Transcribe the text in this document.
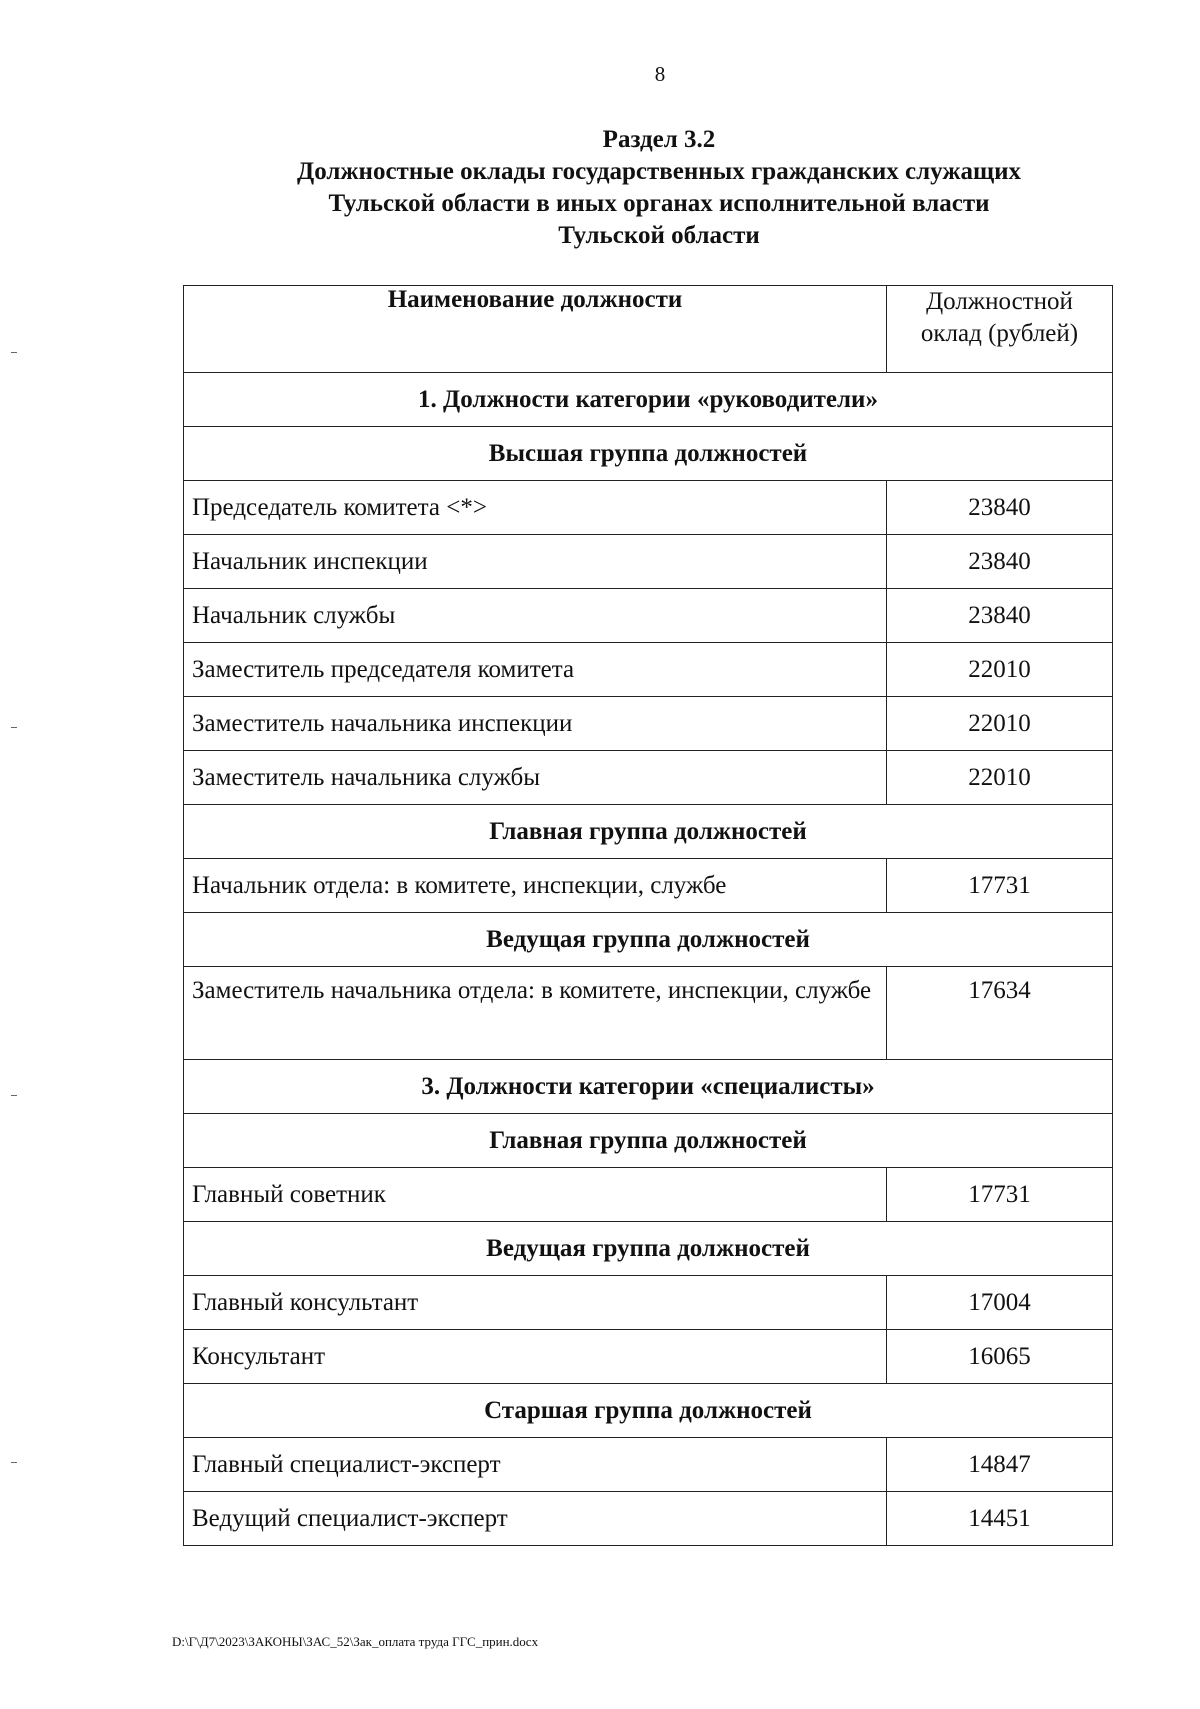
8
Раздел 3.2
Должностные оклады государственных гражданских служащих
Тульской области в иных органах исполнительной власти
Тульской области
Наименование должности	Должностной
оклад (рублей)
1. Должности категории «руководители»	
Высшая группа должностей	
Председатель комитета <*>	23840
Начальник инспекции	23840
Начальник службы	23840
Заместитель председателя комитета	22010
Заместитель начальника инспекции	22010
Заместитель начальника службы	22010
Главная группа должностей	
Начальник отдела: в комитете, инспекции, службе	17731
Ведущая группа должностей	
Заместитель начальника отдела: в комитете, инспекции, службе	17634
3. Должности категории «специалисты»	
Главная группа должностей	
Главный советник	17731
Ведущая группа должностей	
Главный консультант	17004
Консультант	16065
Старшая группа должностей	
Главный специалист-эксперт	14847
Ведущий специалист-эксперт	14451
D:\Г\Д7\2023\ЗАКОНЫ\ЗАС_52\Зак_оплата труда ГГС_прин.docx
